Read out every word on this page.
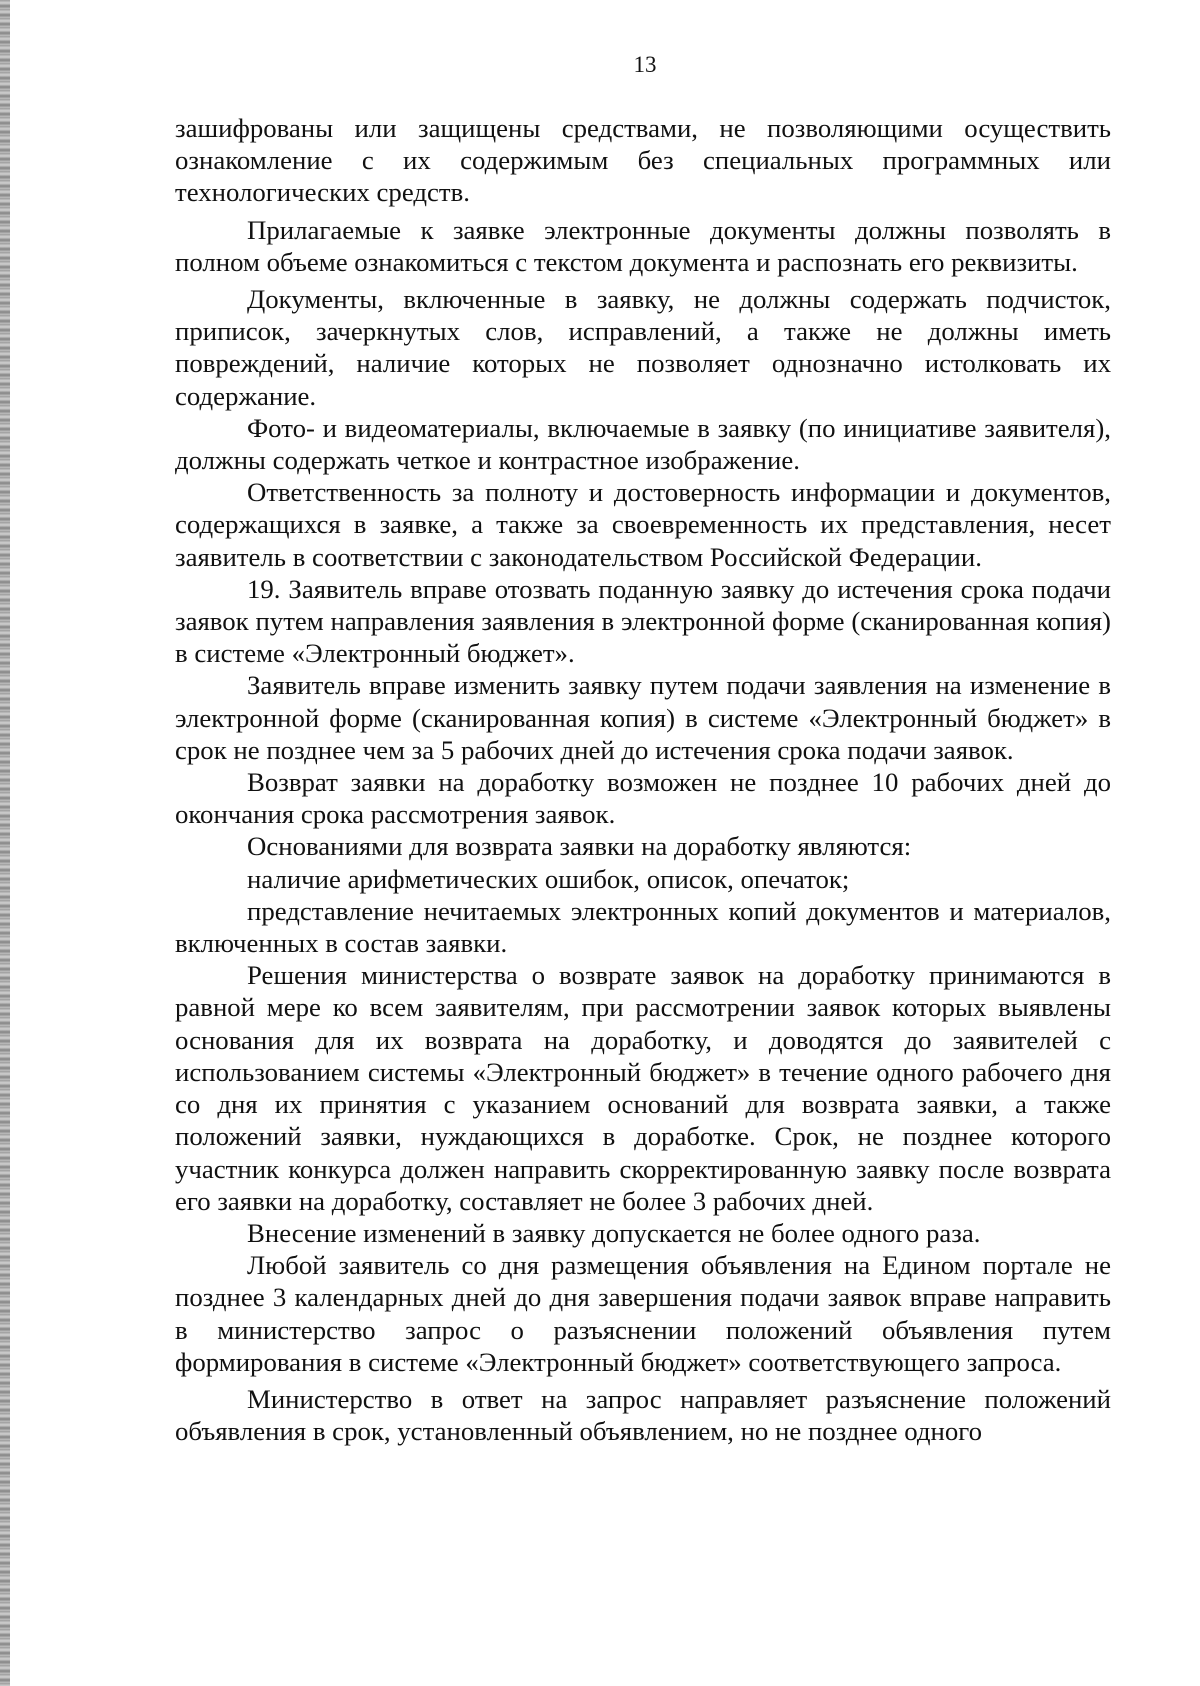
13

зашифрованы или защищены средствами, не позволяющими осуществить ознакомление с их содержимым без специальных программных или технологических средств.

Прилагаемые к заявке электронные документы должны позволять в полном объеме ознакомиться с текстом документа и распознать его реквизиты.

Документы, включенные в заявку, не должны содержать подчисток, приписок, зачеркнутых слов, исправлений, а также не должны иметь повреждений, наличие которых не позволяет однозначно истолковать их содержание.

Фото- и видеоматериалы, включаемые в заявку (по инициативе заявителя), должны содержать четкое и контрастное изображение.

Ответственность за полноту и достоверность информации и документов, содержащихся в заявке, а также за своевременность их представления, несет заявитель в соответствии с законодательством Российской Федерации.

19. Заявитель вправе отозвать поданную заявку до истечения срока подачи заявок путем направления заявления в электронной форме (сканированная копия) в системе «Электронный бюджет».

Заявитель вправе изменить заявку путем подачи заявления на изменение в электронной форме (сканированная копия) в системе «Электронный бюджет» в срок не позднее чем за 5 рабочих дней до истечения срока подачи заявок.

Возврат заявки на доработку возможен не позднее 10 рабочих дней до окончания срока рассмотрения заявок.

Основаниями для возврата заявки на доработку являются:

наличие арифметических ошибок, описок, опечаток;

представление нечитаемых электронных копий документов и материалов, включенных в состав заявки.

Решения министерства о возврате заявок на доработку принимаются в равной мере ко всем заявителям, при рассмотрении заявок которых выявлены основания для их возврата на доработку, и доводятся до заявителей с использованием системы «Электронный бюджет» в течение одного рабочего дня со дня их принятия с указанием оснований для возврата заявки, а также положений заявки, нуждающихся в доработке. Срок, не позднее которого участник конкурса должен направить скорректированную заявку после возврата его заявки на доработку, составляет не более 3 рабочих дней.

Внесение изменений в заявку допускается не более одного раза.

Любой заявитель со дня размещения объявления на Едином портале не позднее 3 календарных дней до дня завершения подачи заявок вправе направить в министерство запрос о разъяснении положений объявления путем формирования в системе «Электронный бюджет» соответствующего запроса.

Министерство в ответ на запрос направляет разъяснение положений объявления в срок, установленный объявлением, но не позднее одного
